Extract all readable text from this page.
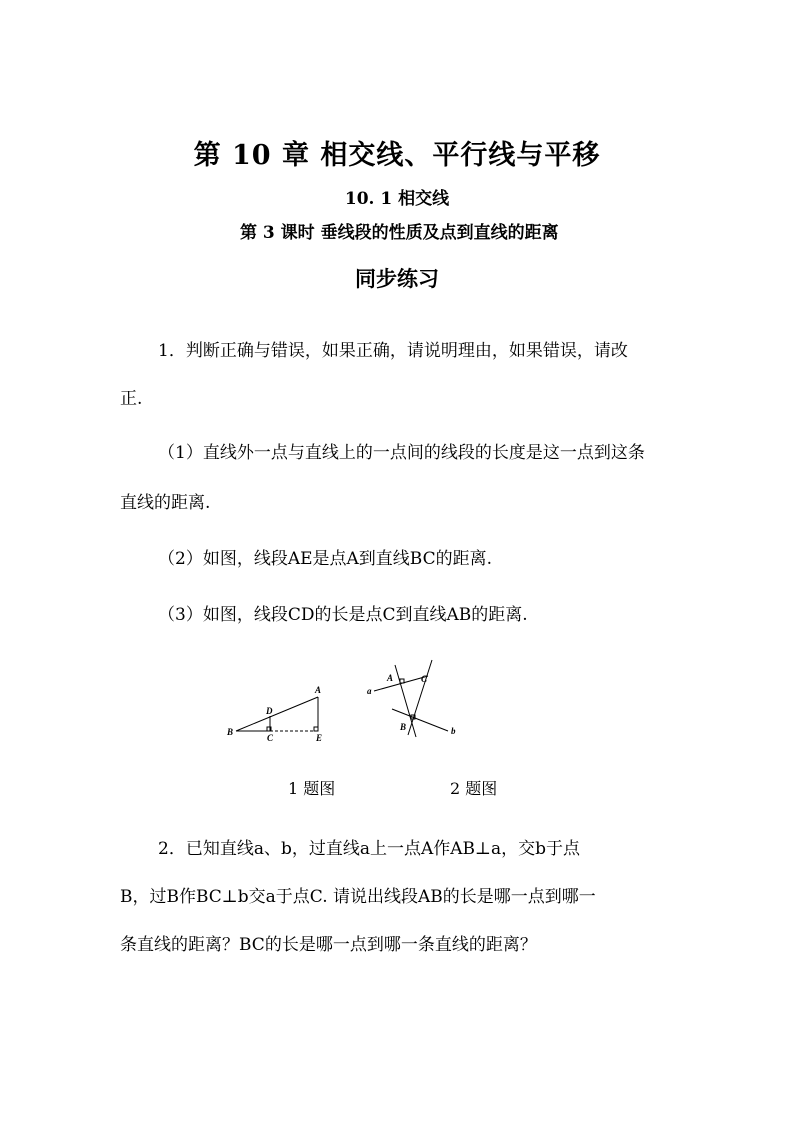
第 10 章 相交线、平行线与平移
10. 1 相交线
第 3 课时 垂线段的性质及点到直线的距离
同步练习
1．判断正确与错误，如果正确，请说明理由，如果错误，请改
正.
（1）直线外一点与直线上的一点间的线段的长度是这一点到这条
直线的距离.
（2）如图，线段AE是点A到直线BC的距离.
（3）如图，线段CD的长是点C到直线AB的距离.
A
B
C
D
E
A
B
C
a
b
1 题图	2 题图
2．已知直线a、b，过直线a上一点A作AB⊥a，交b于点
B，过B作BC⊥b交a于点C. 请说出线段AB的长是哪一点到哪一
条直线的距离？BC的长是哪一点到哪一条直线的距离？
